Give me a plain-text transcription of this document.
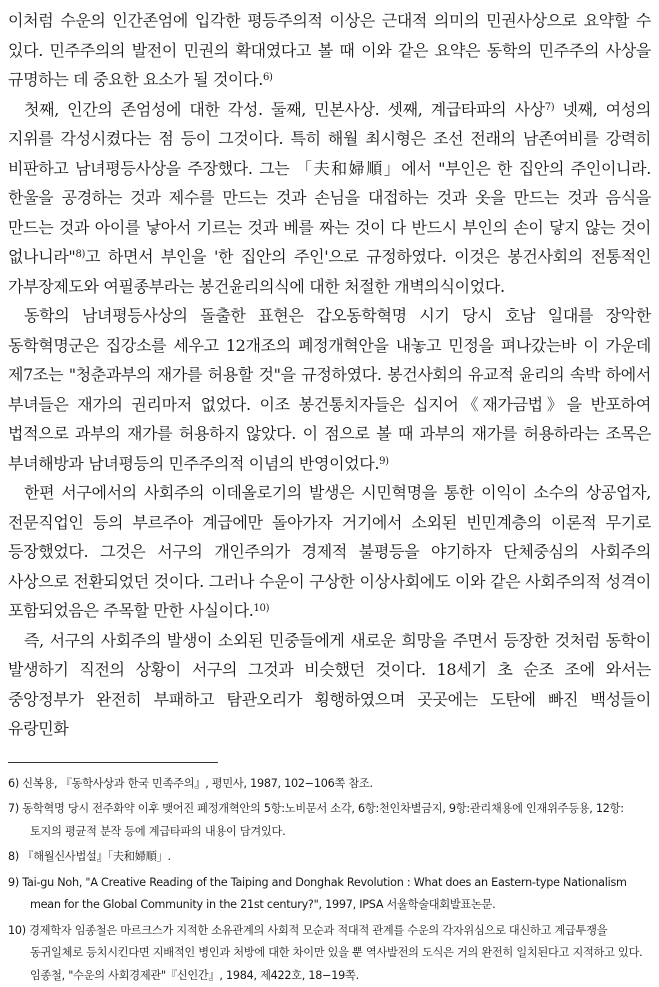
이처럼 수운의 인간존엄에 입각한 평등주의적 이상은 근대적 의미의 민권사상으로 요약할 수 있다. 민주주의의 발전이 민권의 확대였다고 볼 때 이와 같은 요약은 동학의 민주주의 사상을 규명하는 데 중요한 요소가 될 것이다.$^{6)}$

첫째, 인간의 존엄성에 대한 각성. 둘째, 민본사상. 셋째, 계급타파의 사상$^{7)}$ 넷째, 여성의 지위를 각성시켰다는 점 등이 그것이다. 특히 해월 최시형은 조선 전래의 남존여비를 강력히 비판하고 남녀평등사상을 주장했다. 그는 「夫和婦順」에서 "부인은 한 집안의 주인이니라. 한울을 공경하는 것과 제수를 만드는 것과 손님을 대접하는 것과 옷을 만드는 것과 음식을 만드는 것과 아이를 낳아서 기르는 것과 베를 짜는 것이 다 반드시 부인의 손이 닿지 않는 것이 없나니라"$^{8)}$고 하면서 부인을 '한 집안의 주인'으로 규정하였다. 이것은 봉건사회의 전통적인 가부장제도와 여필종부라는 봉건윤리의식에 대한 처절한 개벽의식이었다.

동학의 남녀평등사상의 돌출한 표현은 갑오동학혁명 시기 당시 호남 일대를 장악한 동학혁명군은 집강소를 세우고 12개조의 폐정개혁안을 내놓고 민정을 펴나갔는바 이 가운데 제7조는 "청춘과부의 재가를 허용할 것"을 규정하였다. 봉건사회의 유교적 윤리의 속박 하에서 부녀들은 재가의 권리마저 없었다. 이조 봉건통치자들은 십지어《재가금법》을 반포하여 법적으로 과부의 재가를 허용하지 않았다. 이 점으로 볼 때 과부의 재가를 허용하라는 조목은 부녀해방과 남녀평등의 민주주의적 이념의 반영이었다.$^{9)}$

한편 서구에서의 사회주의 이데올로기의 발생은 시민혁명을 통한 이익이 소수의 상공업자, 전문직업인 등의 부르주아 계급에만 돌아가자 거기에서 소외된 빈민계층의 이론적 무기로 등장했었다. 그것은 서구의 개인주의가 경제적 불평등을 야기하자 단체중심의 사회주의 사상으로 전환되었던 것이다. 그러나 수운이 구상한 이상사회에도 이와 같은 사회주의적 성격이 포함되었음은 주목할 만한 사실이다.$^{10)}$

즉, 서구의 사회주의 발생이 소외된 민중들에게 새로운 희망을 주면서 등장한 것처럼 동학이 발생하기 직전의 상황이 서구의 그것과 비슷했던 것이다. 18세기 초 순조 조에 와서는 중앙정부가 완전히 부패하고 탐관오리가 횡행하였으며 곳곳에는 도탄에 빠진 백성들이 유랑민화

6) 신복용, 『동학사상과 한국 민족주의』, 평민사, 1987, 102−106쪽 참조.

7) 동학혁명 당시 전주화약 이후 맺어진 폐정개혁안의 5항:노비문서 소각, 6항:천인차별금지, 9항:관리채용에 인재위주등용, 12항:토지의 평균적 분작 등에 계급타파의 내용이 담겨있다.

8) 『해월신사법설』「夫和婦順」.

9) Tai-gu Noh, "A Creative Reading of the Taiping and Donghak Revolution : What does an Eastern-type Nationalism mean for the Global Community in the 21st century?", 1997, IPSA 서울학술대회발표논문.

10) 경제학자 임종철은 마르크스가 지적한 소유관계의 사회적 모순과 적대적 관계를 수운의 각자위심으로 대신하고 계급투쟁을 동귀일체로 등치시킨다면 지배적인 병인과 처방에 대한 차이만 있을 뿐 역사발전의 도식은 거의 완전히 일치된다고 지적하고 있다. 임종철, "수운의 사회경제관"『신인간』, 1984, 제422호, 18−19쪽.
